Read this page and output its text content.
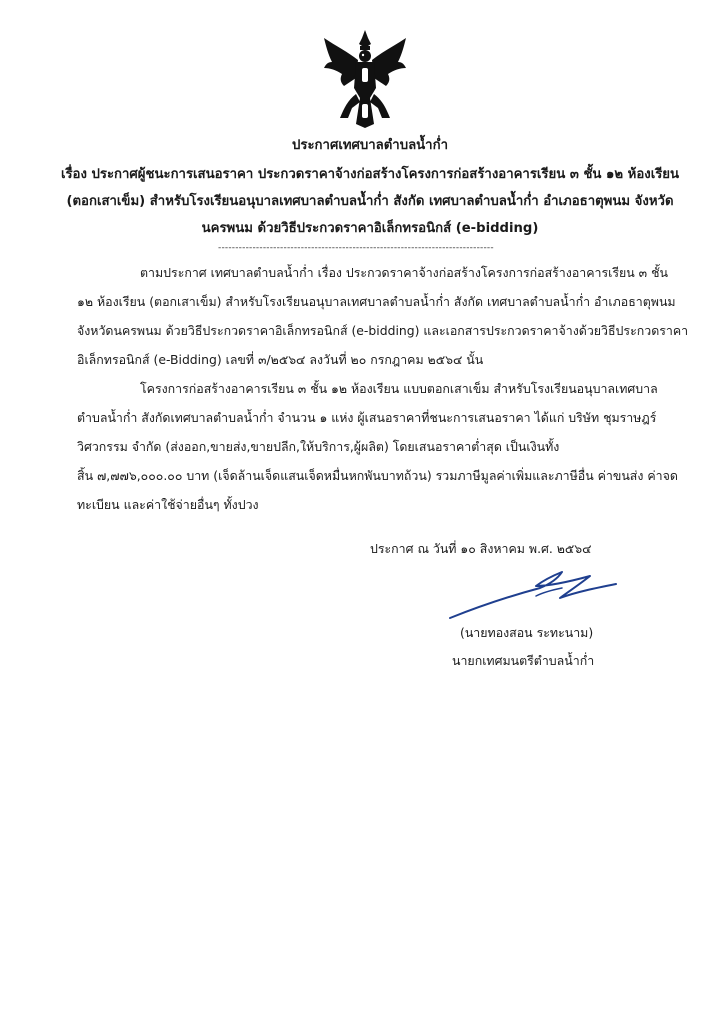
ประกาศเทศบาลตำบลน้ำก่ำ
เรื่อง ประกาศผู้ชนะการเสนอราคา ประกวดราคาจ้างก่อสร้างโครงการก่อสร้างอาคารเรียน ๓ ชั้น ๑๒ ห้องเรียน
(ตอกเสาเข็ม) สำหรับโรงเรียนอนุบาลเทศบาลตำบลน้ำก่ำ สังกัด เทศบาลตำบลน้ำก่ำ อำเภอธาตุพนม จังหวัด
นครพนม ด้วยวิธีประกวดราคาอิเล็กทรอนิกส์ (e-bidding)
--------------------------------------------------------------------------------
ตามประกาศ เทศบาลตำบลน้ำก่ำ เรื่อง ประกวดราคาจ้างก่อสร้างโครงการก่อสร้างอาคารเรียน ๓ ชั้น
๑๒ ห้องเรียน (ตอกเสาเข็ม) สำหรับโรงเรียนอนุบาลเทศบาลตำบลน้ำก่ำ สังกัด เทศบาลตำบลน้ำก่ำ อำเภอธาตุพนม
จังหวัดนครพนม ด้วยวิธีประกวดราคาอิเล็กทรอนิกส์ (e-bidding) และเอกสารประกวดราคาจ้างด้วยวิธีประกวดราคา
อิเล็กทรอนิกส์ (e-Bidding) เลขที่ ๓/๒๕๖๔ ลงวันที่ ๒๐ กรกฎาคม ๒๕๖๔ นั้น
โครงการก่อสร้างอาคารเรียน ๓ ชั้น ๑๒ ห้องเรียน แบบตอกเสาเข็ม สำหรับโรงเรียนอนุบาลเทศบาล
ตำบลน้ำก่ำ สังกัดเทศบาลตำบลน้ำก่ำ จำนวน ๑ แห่ง ผู้เสนอราคาที่ชนะการเสนอราคา ได้แก่ บริษัท ชุมราษฎร์
วิศวกรรม จำกัด (ส่งออก,ขายส่ง,ขายปลีก,ให้บริการ,ผู้ผลิต) โดยเสนอราคาต่ำสุด เป็นเงินทั้ง
สิ้น ๗,๗๗๖,๐๐๐.๐๐ บาท (เจ็ดล้านเจ็ดแสนเจ็ดหมื่นหกพันบาทถ้วน) รวมภาษีมูลค่าเพิ่มและภาษีอื่น ค่าขนส่ง ค่าจด
ทะเบียน และค่าใช้จ่ายอื่นๆ ทั้งปวง
ประกาศ ณ วันที่ ๑๐ สิงหาคม พ.ศ. ๒๕๖๔
(นายทองสอน ระทะนาม)
นายกเทศมนตรีตำบลน้ำก่ำ
